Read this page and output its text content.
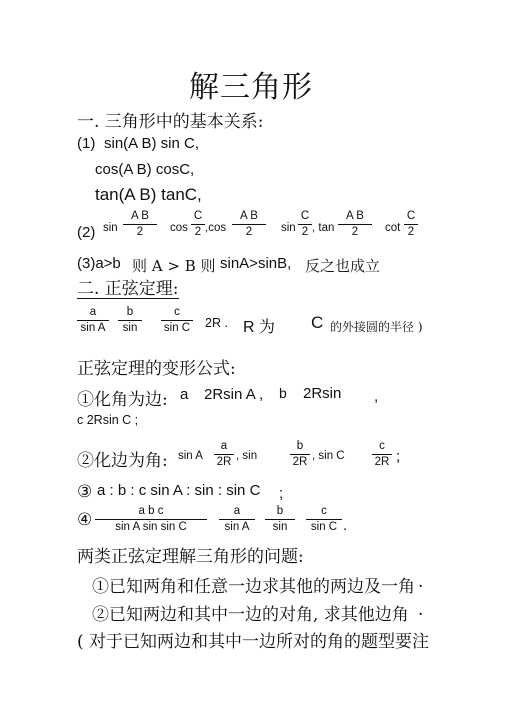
解三角形
一. 三角形中的基本关系:
(1) sin(A B) sin C,
cos(A B) cosC,
tan(A B) tanC,
(2) sin
A B
2	cos
C
2 ,cos
A B
2	sin
C
2 , tan
A B
2	cot
C
2
(3)a>b 则 A > B 则 sinA>sinB, 反之也成立
二. 正弦定理:
a
sin A
b
sin
c
sin C 2R . R 为 C 的外接圆的半径 )
正弦定理的变形公式:
①化角为边: a 2Rsin A , b 2Rsin ,
c 2Rsin C ;
②化边为角: sin A
a
2R , sin
b
2R , sin C
c
2R ;
③ a : b : c sin A : sin : sin C ;
④	a b c
sin A sin sin C
a
sin A
b
sin
c
sin C .
两类正弦定理解三角形的问题:
①已知两角和任意一边求其他的两边及一角 .
②已知两边和其中一边的对角, 求其他边角 .
( 对于已知两边和其中一边所对的角的题型要注
